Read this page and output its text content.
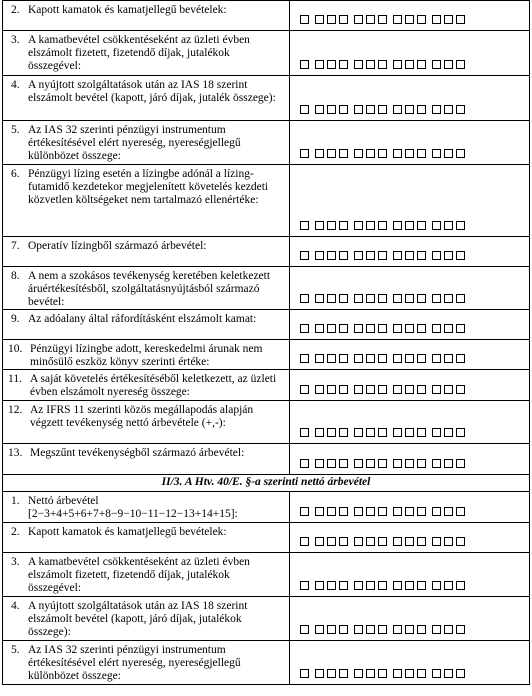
2. Kapott kamatok és kamatjellegű bevételek:
3. A kamatbevétel csökkentéseként az üzleti évben elszámolt fizetett, fizetendő díjak, jutalékok összegével:
4. A nyújtott szolgáltatások után az IAS 18 szerint elszámolt bevétel (kapott, járó díjak, jutalék összege):
5. Az IAS 32 szerinti pénzügyi instrumentum értékesítésével elért nyereség, nyereségjellegű különbözet összege:
6. Pénzügyi lízing esetén a lízingbe adónál a lízing-futamidő kezdetekor megjelenített követelés kezdeti közvetlen költségeket nem tartalmazó ellenértéke:
7. Operatív lízingből származó árbevétel:
8. A nem a szokásos tevékenység keretében keletkezett áruértékesítésből, szolgáltatásnyújtásból származó bevétel:
9. Az adóalany által ráfordításként elszámolt kamat:
10. Pénzügyi lízingbe adott, kereskedelmi árunak nem minősülő eszköz könyv szerinti értéke:
11. A saját követelés értékesítéséből keletkezett, az üzleti évben elszámolt nyereség összege:
12. Az IFRS 11 szerinti közös megállapodás alapján végzett tevékenység nettó árbevétele (+,-):
13. Megszűnt tevékenységből származó árbevétel:
II/3. A Htv. 40/E. §-a szerinti nettó árbevétel
1. Nettó árbevétel [2−3+4+5+6+7+8−9−10−11−12−13+14+15]:
2. Kapott kamatok és kamatjellegű bevételek:
3. A kamatbevétel csökkentéseként az üzleti évben elszámolt fizetett, fizetendő díjak, jutalékok összegével:
4. A nyújtott szolgáltatások után az IAS 18 szerint elszámolt bevétel (kapott, járó díjak, jutalékok összege):
5. Az IAS 32 szerinti pénzügyi instrumentum értékesítésével elért nyereség, nyereségjellegű különbözet összege:
